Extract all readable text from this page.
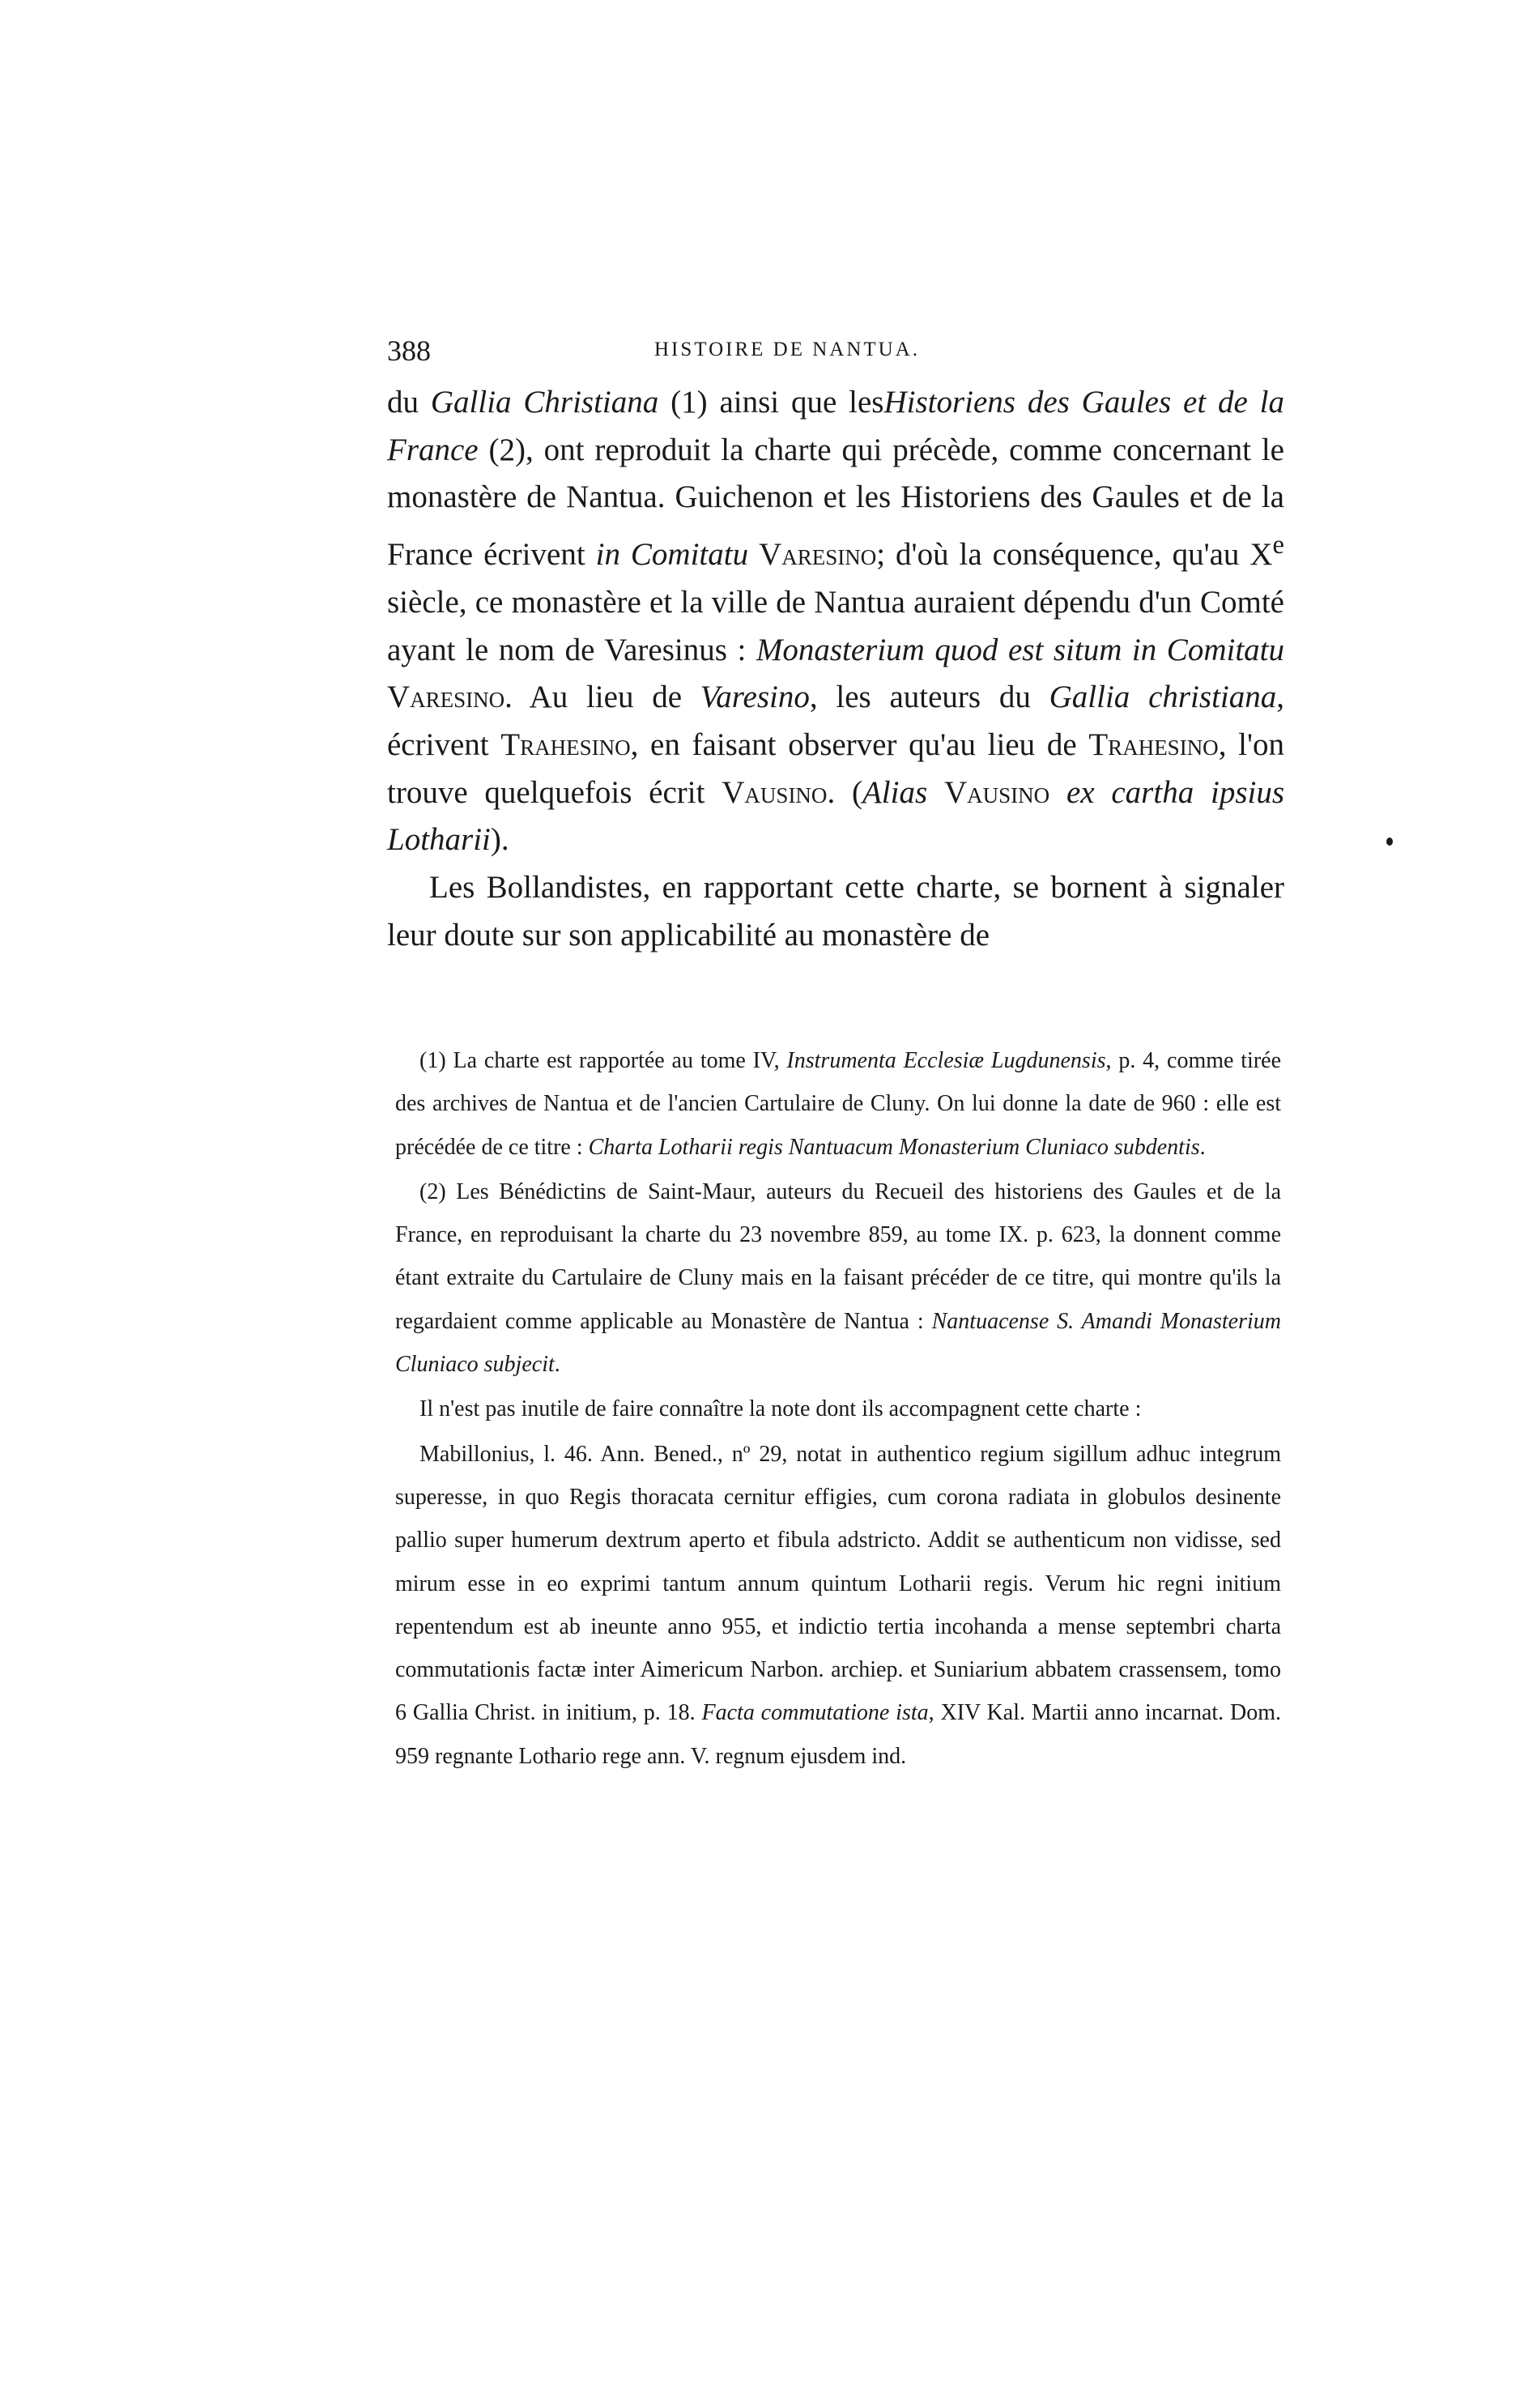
388	HISTOIRE DE NANTUA.

du Gallia Christiana (1) ainsi que lesHistoriens des Gaules et de la France (2), ont reproduit la charte qui précède, comme concernant le monastère de Nantua. Guichenon et les Historiens des Gaules et de la France écrivent in Comitatu Varesino; d'où la conséquence, qu'au Xe siècle, ce monastère et la ville de Nantua auraient dépendu d'un Comté ayant le nom de Varesinus : Monasterium quod est situm in Comitatu Varesino. Au lieu de Varesino, les auteurs du Gallia christiana, écrivent Trahesino, en faisant observer qu'au lieu de Trahesino, l'on trouve quelquefois écrit Vausino. (Alias Vausino ex cartha ipsius Lotharii).

Les Bollandistes, en rapportant cette charte, se bornent à signaler leur doute sur son applicabilité au monastère de

(1) La charte est rapportée au tome IV, Instrumenta Ecclesiæ Lugdunensis, p. 4, comme tirée des archives de Nantua et de l'ancien Cartulaire de Cluny. On lui donne la date de 960 : elle est précédée de ce titre : Charta Lotharii regis Nantuacum Monasterium Cluniaco subdentis.

(2) Les Bénédictins de Saint-Maur, auteurs du Recueil des historiens des Gaules et de la France, en reproduisant la charte du 23 novembre 859, au tome IX. p. 623, la donnent comme étant extraite du Cartulaire de Cluny mais en la faisant précéder de ce titre, qui montre qu'ils la regardaient comme applicable au Monastère de Nantua : Nantuacense S. Amandi Monasterium Cluniaco subjecit.

Il n'est pas inutile de faire connaître la note dont ils accompagnent cette charte :

Mabillonius, l. 46. Ann. Bened., nº 29, notat in authentico regium sigillum adhuc integrum superesse, in quo Regis thoracata cernitur effigies, cum corona radiata in globulos desinente pallio super humerum dextrum aperto et fibula adstricto. Addit se authenticum non vidisse, sed mirum esse in eo exprimi tantum annum quintum Lotharii regis. Verum hic regni initium repentendum est ab ineunte anno 955, et indictio tertia incohanda a mense septembri charta commutationis factæ inter Aimericum Narbon. archiep. et Suniarium abbatem crassensem, tomo 6 Gallia Christ. in initium, p. 18. Facta commutatione ista, XIV Kal. Martii anno incarnat. Dom. 959 regnante Lothario rege ann. V. regnum ejusdem ind.
